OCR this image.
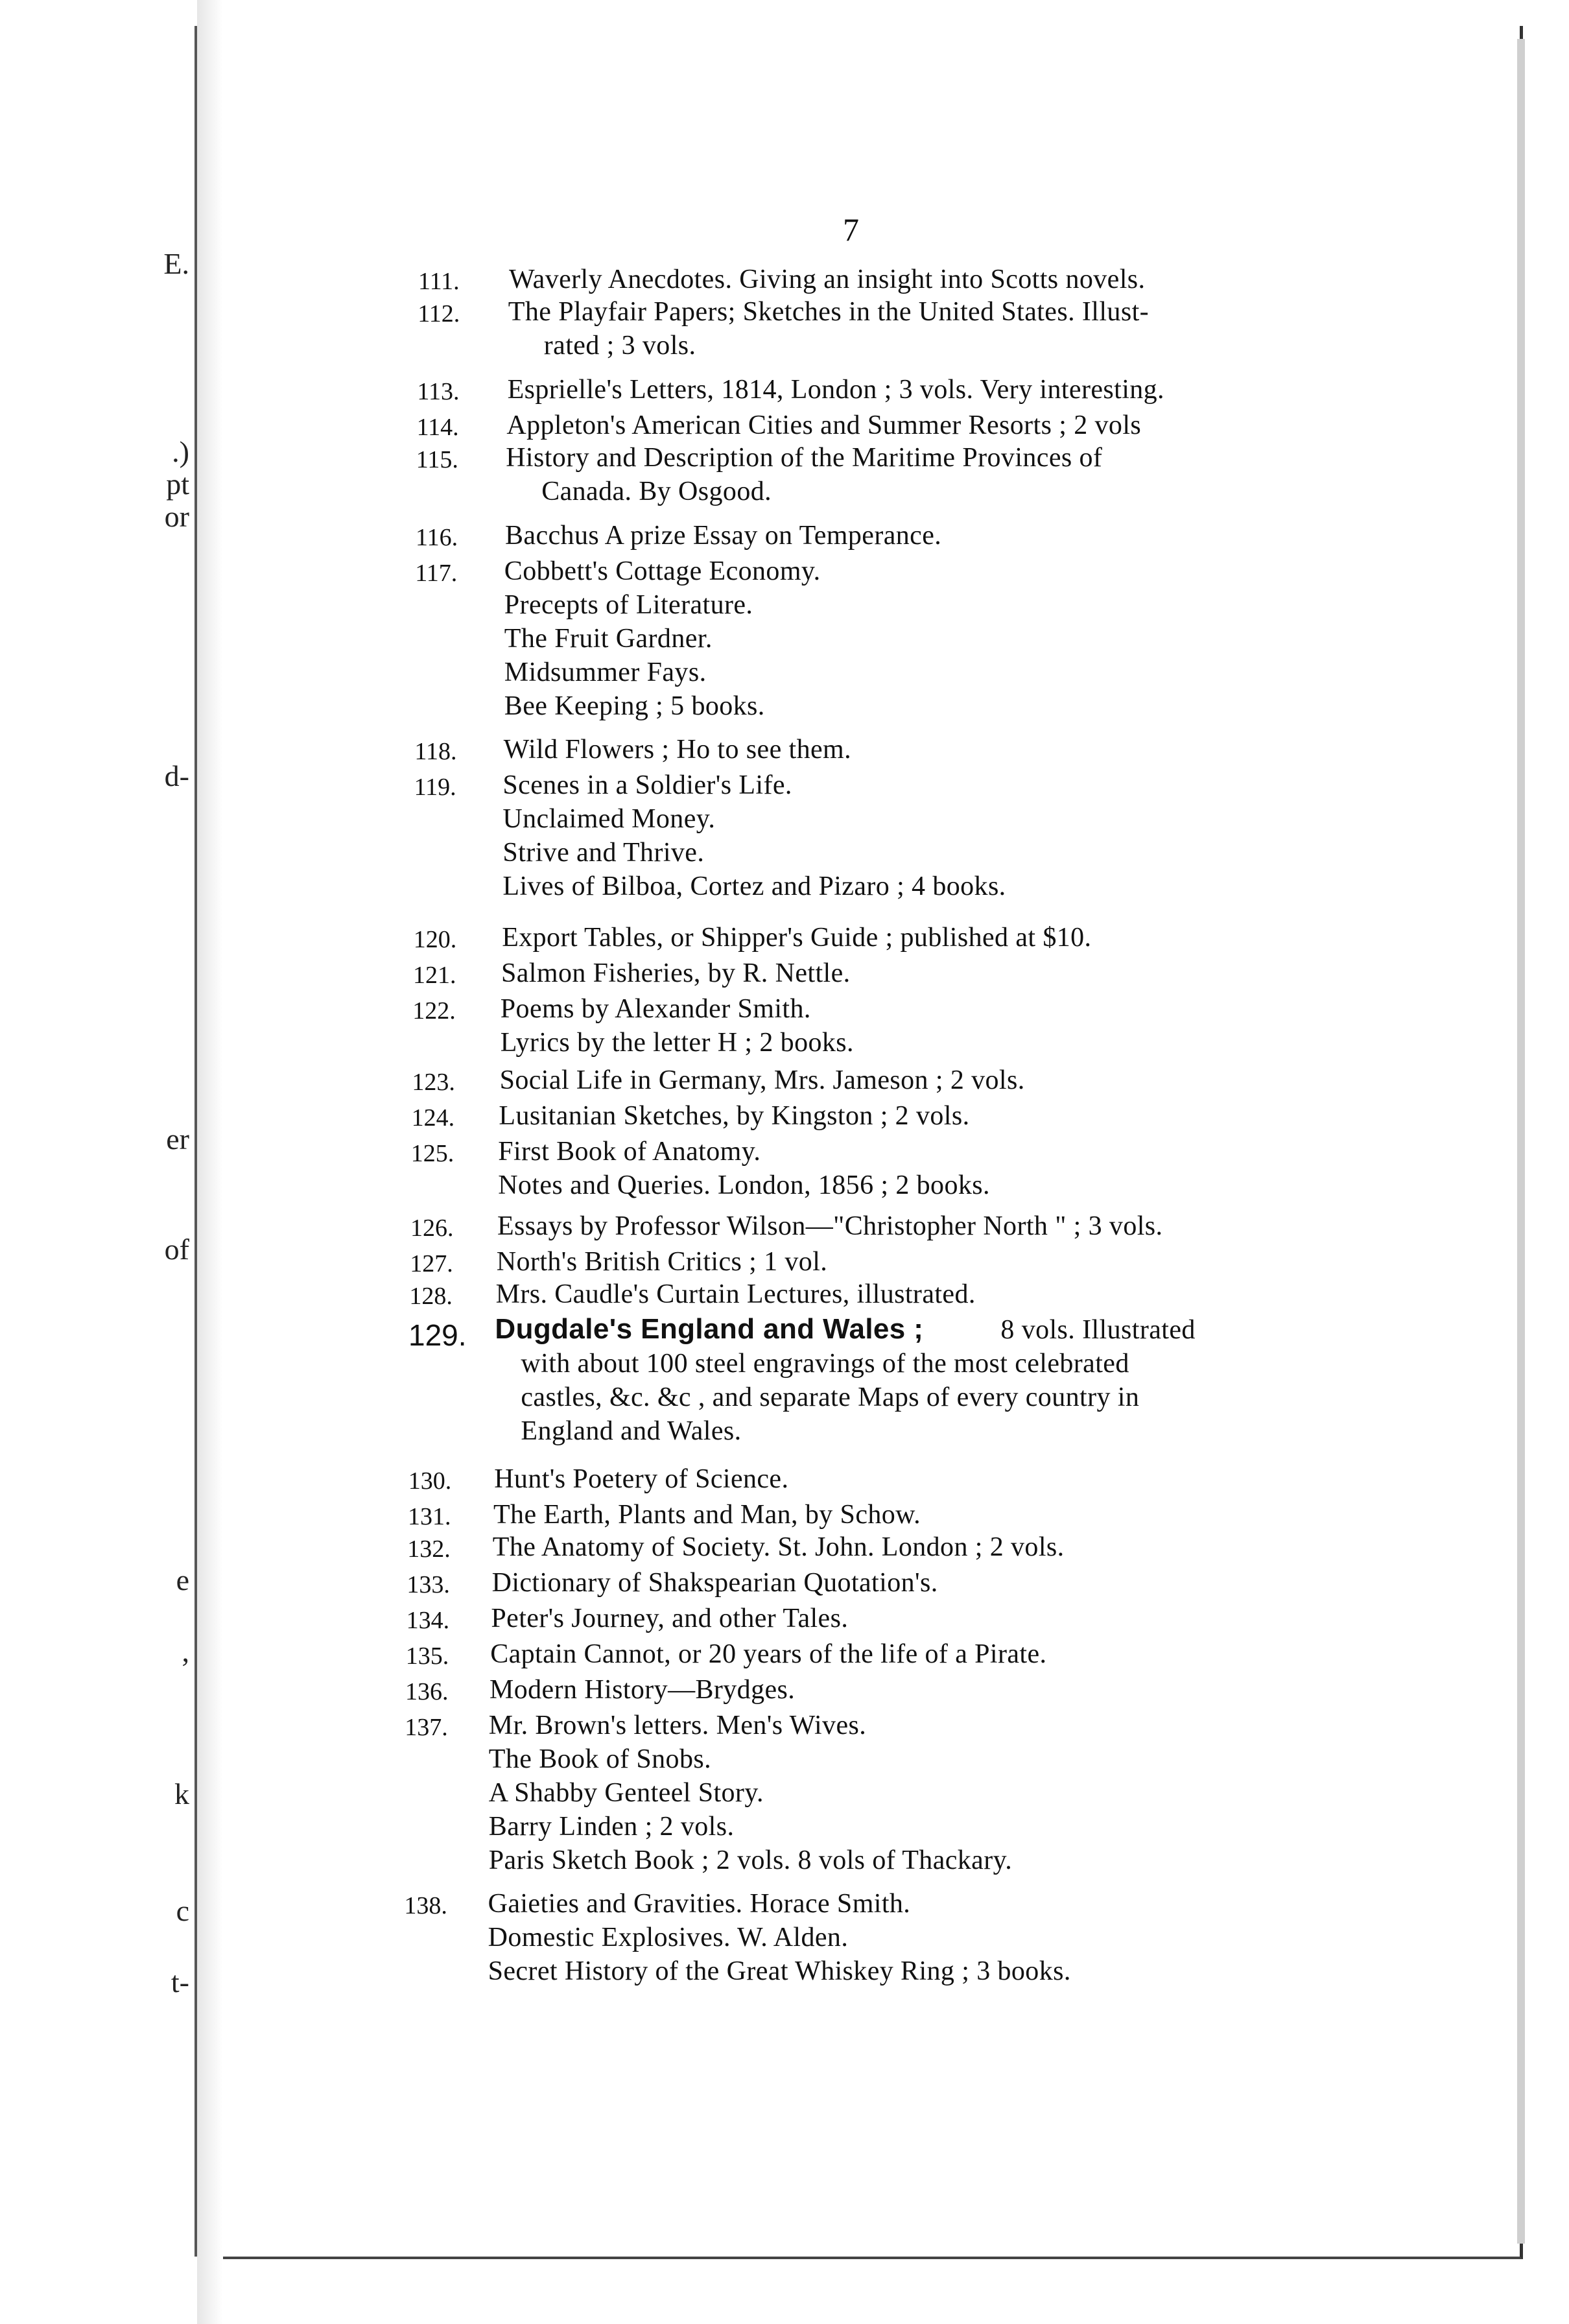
E.
.)
pt
or
d-
er
of
e
,
k
c
t-
7
111. Waverly Anecdotes. Giving an insight into Scotts novels.
112. The Playfair Papers; Sketches in the United States. Illust-
rated ; 3 vols.
113. Esprielle's Letters, 1814, London ; 3 vols. Very interesting.
114. Appleton's American Cities and Summer Resorts ; 2 vols
115. History and Description of the Maritime Provinces of
Canada. By Osgood.
116. Bacchus A prize Essay on Temperance.
117. Cobbett's Cottage Economy.
Precepts of Literature.
The Fruit Gardner.
Midsummer Fays.
Bee Keeping ; 5 books.
118. Wild Flowers ; Ho to see them.
119. Scenes in a Soldier's Life.
Unclaimed Money.
Strive and Thrive.
Lives of Bilboa, Cortez and Pizaro ; 4 books.
120. Export Tables, or Shipper's Guide ; published at $10.
121. Salmon Fisheries, by R. Nettle.
122. Poems by Alexander Smith.
Lyrics by the letter H ; 2 books.
123. Social Life in Germany, Mrs. Jameson ; 2 vols.
124. Lusitanian Sketches, by Kingston ; 2 vols.
125. First Book of Anatomy.
Notes and Queries. London, 1856 ; 2 books.
126. Essays by Professor Wilson—"Christopher North " ; 3 vols.
127. North's British Critics ; 1 vol.
128. Mrs. Caudle's Curtain Lectures, illustrated.
129. Dugdale's England and Wales ;	8 vols. Illustrated
with about 100 steel engravings of the most celebrated
castles, &c. &c , and separate Maps of every country in
England and Wales.
130. Hunt's Poetery of Science.
131. The Earth, Plants and Man, by Schow.
132. The Anatomy of Society. St. John. London ; 2 vols.
133. Dictionary of Shakspearian Quotation's.
134. Peter's Journey, and other Tales.
135. Captain Cannot, or 20 years of the life of a Pirate.
136. Modern History—Brydges.
137. Mr. Brown's letters. Men's Wives.
The Book of Snobs.
A Shabby Genteel Story.
Barry Linden ; 2 vols.
Paris Sketch Book ; 2 vols. 8 vols of Thackary.
138. Gaieties and Gravities. Horace Smith.
Domestic Explosives. W. Alden.
Secret History of the Great Whiskey Ring ; 3 books.
